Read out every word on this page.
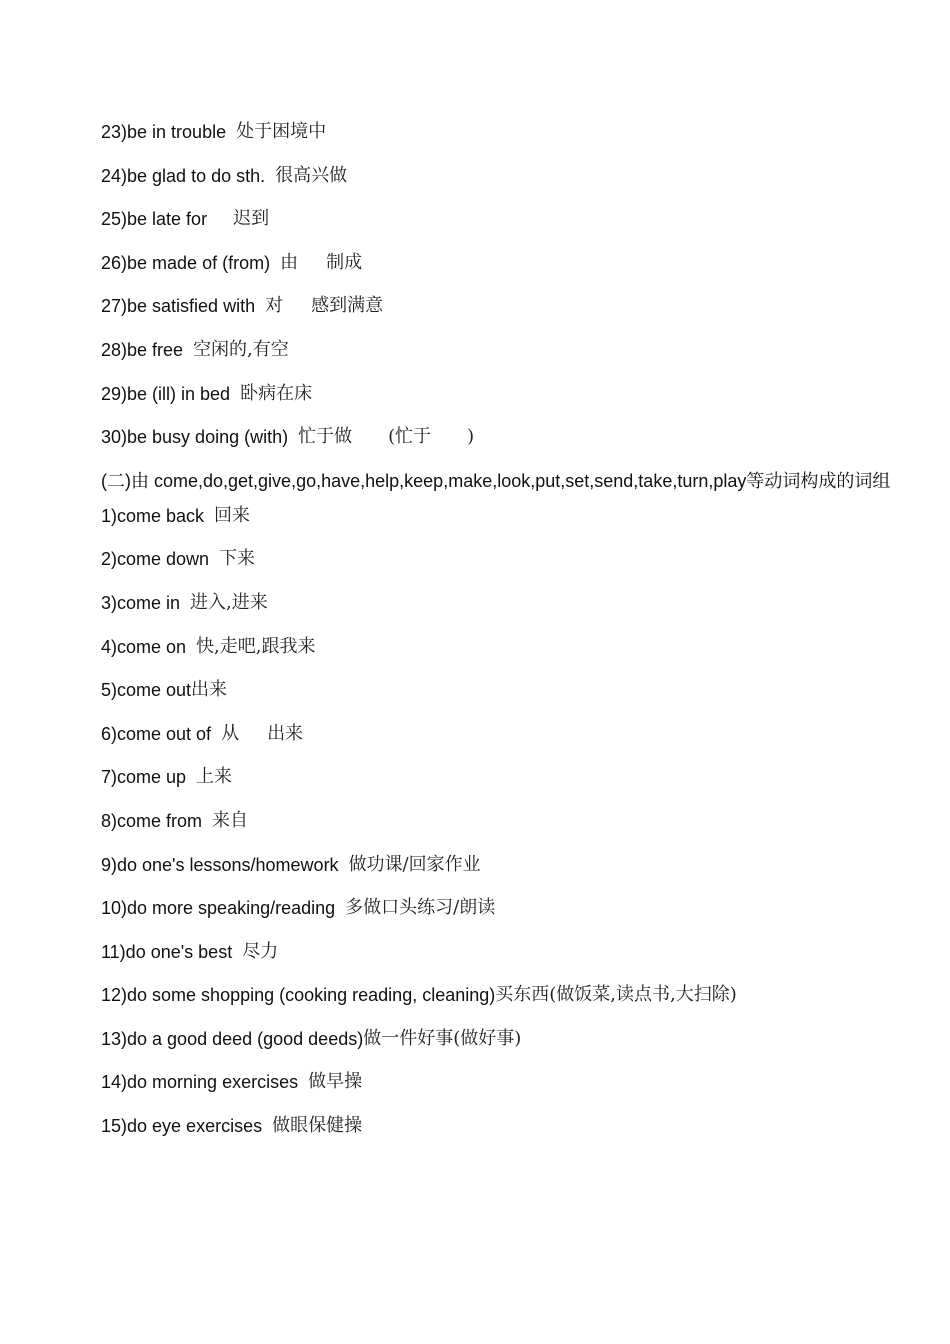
23)be in trouble 处于困境中
24)be glad to do sth. 很高兴做
25)be late for 迟到
26)be made of (from) 由 制成
27)be satisfied with 对 感到满意
28)be free 空闲的,有空
29)be (ill) in bed 卧病在床
30)be busy doing (with) 忙于做 (忙于 )
(二)由 come,do,get,give,go,have,help,keep,make,look,put,set,send,take,turn,play等动词构成的词组
1)come back 回来
2)come down 下来
3)come in 进入,进来
4)come on 快,走吧,跟我来
5)come out 出来
6)come out of 从 出来
7)come up 上来
8)come from 来自
9)do one's lessons/homework 做功课/回家作业
10)do more speaking/reading 多做口头练习/朗读
11)do one's best 尽力
12)do some shopping (cooking reading, cleaning) 买东西(做饭菜,读点书,大扫除)
13)do a good deed (good deeds) 做一件好事(做好事)
14)do morning exercises 做早操
15)do eye exercises 做眼保健操
